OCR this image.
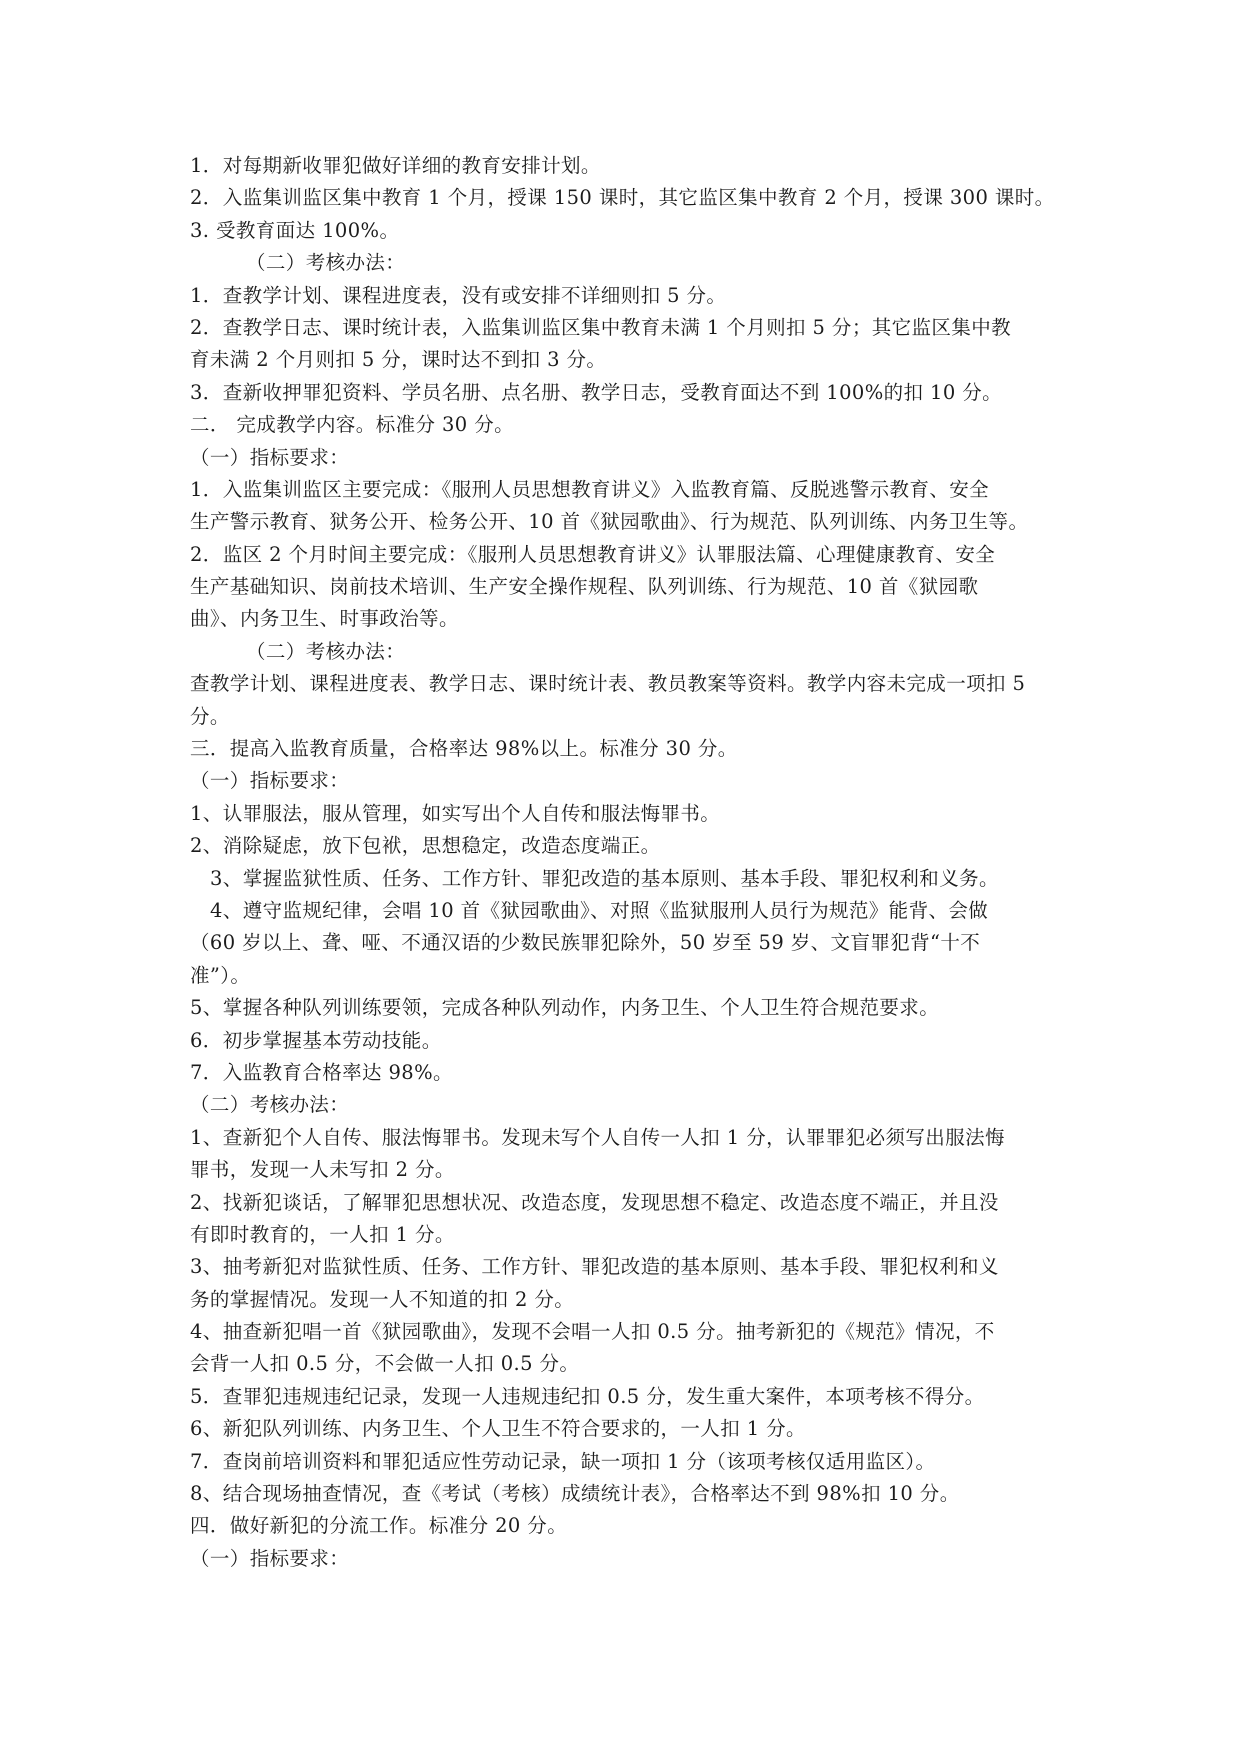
1．对每期新收罪犯做好详细的教育安排计划。
2．入监集训监区集中教育 1 个月，授课 150 课时，其它监区集中教育 2 个月，授课 300 课时。
3. 受教育面达 100%。
（二）考核办法：
1．查教学计划、课程进度表，没有或安排不详细则扣 5 分。
2．查教学日志、课时统计表，入监集训监区集中教育未满 1 个月则扣 5 分；其它监区集中教
育未满 2 个月则扣 5 分，课时达不到扣 3 分。
3．查新收押罪犯资料、学员名册、点名册、教学日志，受教育面达不到 100%的扣 10 分。
二． 完成教学内容。标准分 30 分。
（一）指标要求：
1．入监集训监区主要完成：《服刑人员思想教育讲义》入监教育篇、反脱逃警示教育、安全
生产警示教育、狱务公开、检务公开、10 首《狱园歌曲》、行为规范、队列训练、内务卫生等。
2．监区 2 个月时间主要完成：《服刑人员思想教育讲义》认罪服法篇、心理健康教育、安全
生产基础知识、岗前技术培训、生产安全操作规程、队列训练、行为规范、10 首《狱园歌
曲》、内务卫生、时事政治等。
（二）考核办法：
查教学计划、课程进度表、教学日志、课时统计表、教员教案等资料。教学内容未完成一项扣 5
分。
三．提高入监教育质量，合格率达 98%以上。标准分 30 分。
（一）指标要求：
1、认罪服法，服从管理，如实写出个人自传和服法悔罪书。
2、消除疑虑，放下包袱，思想稳定，改造态度端正。
3、掌握监狱性质、任务、工作方针、罪犯改造的基本原则、基本手段、罪犯权利和义务。
4、遵守监规纪律，会唱 10 首《狱园歌曲》、对照《监狱服刑人员行为规范》能背、会做
（60 岁以上、聋、哑、不通汉语的少数民族罪犯除外，50 岁至 59 岁、文盲罪犯背“十不
准”）。
5、掌握各种队列训练要领，完成各种队列动作，内务卫生、个人卫生符合规范要求。
6．初步掌握基本劳动技能。
7．入监教育合格率达 98%。
（二）考核办法：
1、查新犯个人自传、服法悔罪书。发现未写个人自传一人扣 1 分，认罪罪犯必须写出服法悔
罪书，发现一人未写扣 2 分。
2、找新犯谈话，了解罪犯思想状况、改造态度，发现思想不稳定、改造态度不端正，并且没
有即时教育的，一人扣 1 分。
3、抽考新犯对监狱性质、任务、工作方针、罪犯改造的基本原则、基本手段、罪犯权利和义
务的掌握情况。发现一人不知道的扣 2 分。
4、抽查新犯唱一首《狱园歌曲》，发现不会唱一人扣 0.5 分。抽考新犯的《规范》情况，不
会背一人扣 0.5 分，不会做一人扣 0.5 分。
5．查罪犯违规违纪记录，发现一人违规违纪扣 0.5 分，发生重大案件，本项考核不得分。
6、新犯队列训练、内务卫生、个人卫生不符合要求的，一人扣 1 分。
7．查岗前培训资料和罪犯适应性劳动记录，缺一项扣 1 分（该项考核仅适用监区）。
8、结合现场抽查情况，查《考试（考核）成绩统计表》，合格率达不到 98%扣 10 分。
四．做好新犯的分流工作。标准分 20 分。
（一）指标要求：
